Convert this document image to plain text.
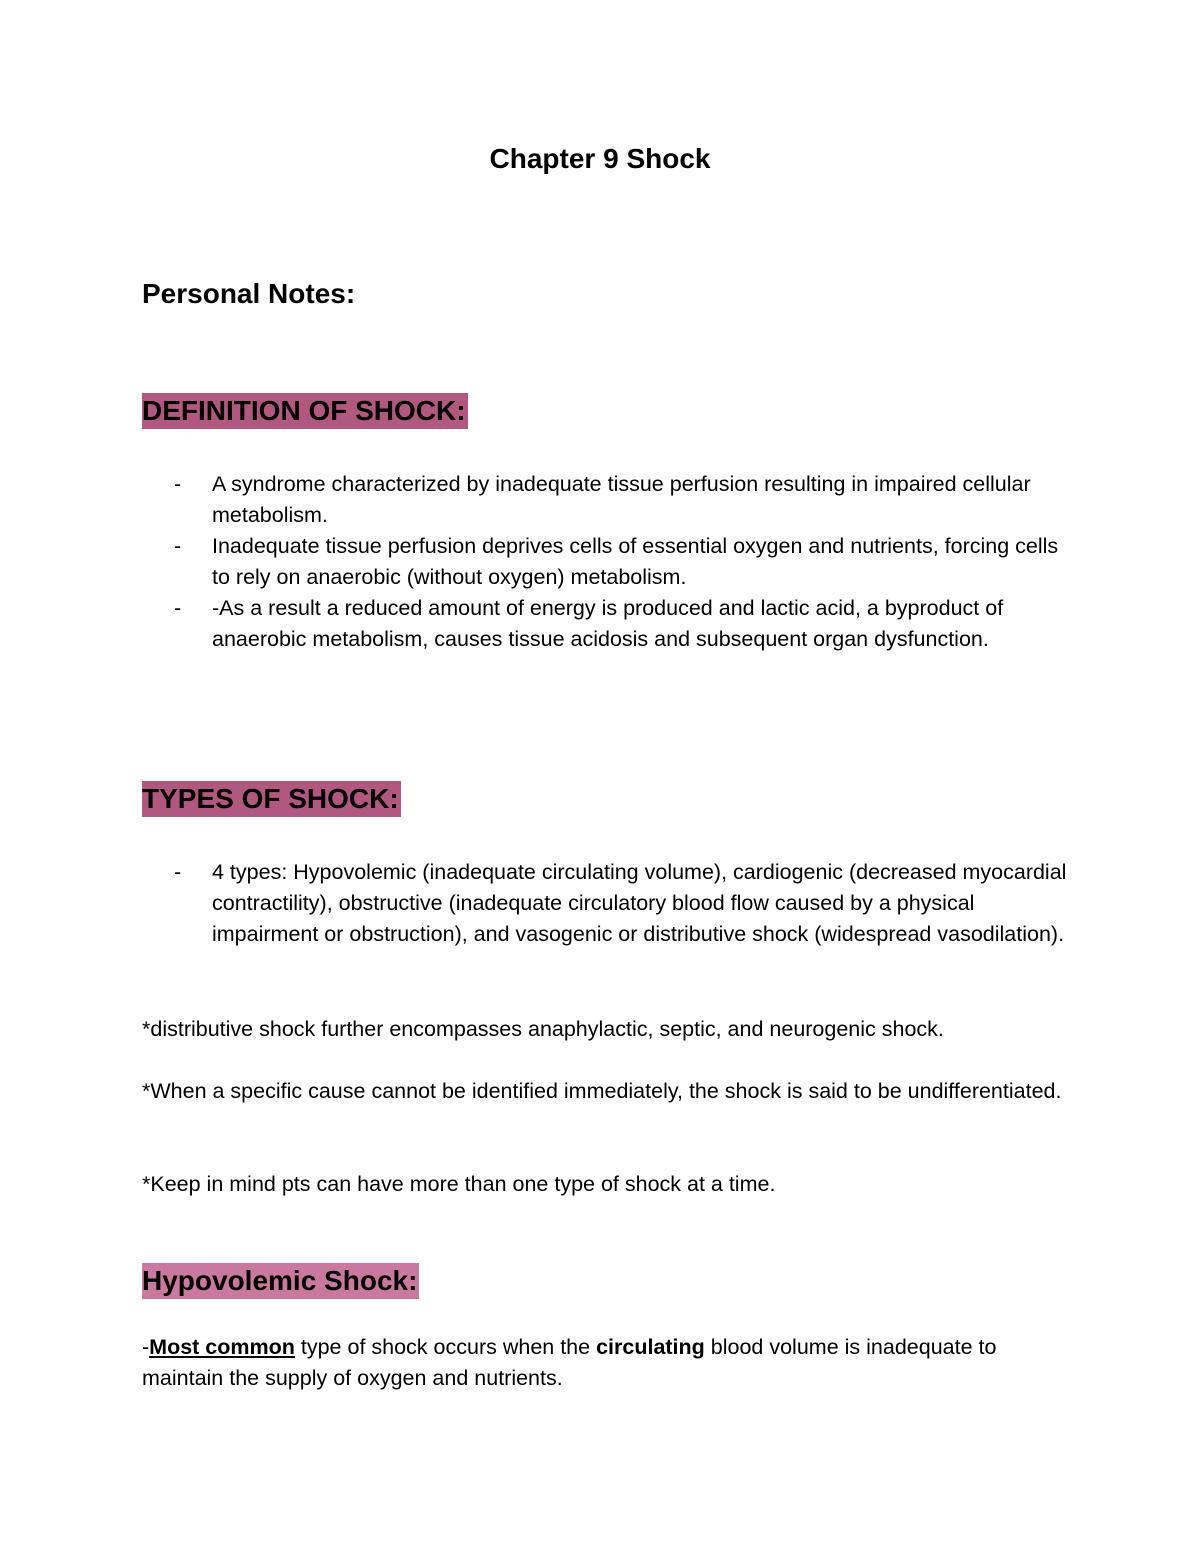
Chapter 9 Shock
Personal Notes:
DEFINITION OF SHOCK:
- A syndrome characterized by inadequate tissue perfusion resulting in impaired cellular metabolism.
- Inadequate tissue perfusion deprives cells of essential oxygen and nutrients, forcing cells to rely on anaerobic (without oxygen) metabolism.
- -As a result a reduced amount of energy is produced and lactic acid, a byproduct of anaerobic metabolism, causes tissue acidosis and subsequent organ dysfunction.
TYPES OF SHOCK:
- 4 types: Hypovolemic (inadequate circulating volume), cardiogenic (decreased myocardial contractility), obstructive (inadequate circulatory blood flow caused by a physical impairment or obstruction), and vasogenic or distributive shock (widespread vasodilation).

*distributive shock further encompasses anaphylactic, septic, and neurogenic shock.

*When a specific cause cannot be identified immediately, the shock is said to be undifferentiated.

*Keep in mind pts can have more than one type of shock at a time.

Hypovolemic Shock:

-Most common type of shock occurs when the circulating blood volume is inadequate to maintain the supply of oxygen and nutrients.
